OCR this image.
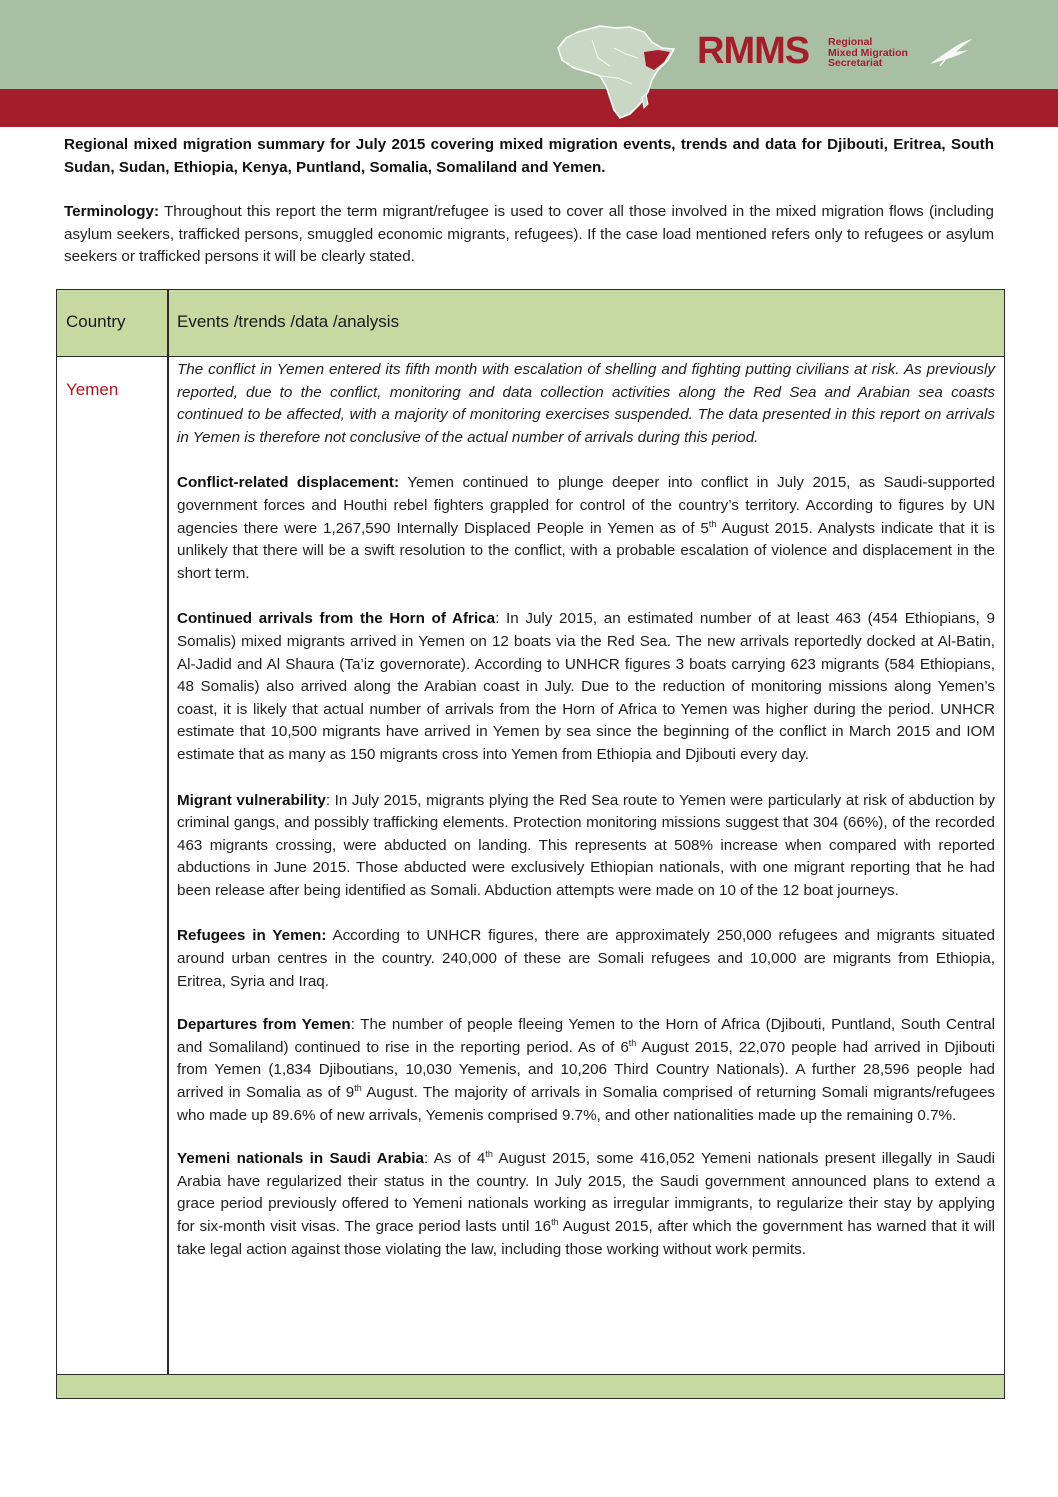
RMMS Regional
Mixed Migration
Secretariat
Regional mixed migration summary for July 2015 covering mixed migration events, trends and data for Djibouti, Eritrea, South Sudan, Sudan, Ethiopia, Kenya, Puntland, Somalia, Somaliland and Yemen.
Terminology: Throughout this report the term migrant/refugee is used to cover all those involved in the mixed migration flows (including asylum seekers, trafficked persons, smuggled economic migrants, refugees). If the case load mentioned refers only to refugees or asylum seekers or trafficked persons it will be clearly stated.
Country	Events /trends /data /analysis
Yemen

The conflict in Yemen entered its fifth month with escalation of shelling and fighting putting civilians at risk. As previously reported, due to the conflict, monitoring and data collection activities along the Red Sea and Arabian sea coasts continued to be affected, with a majority of monitoring exercises suspended. The data presented in this report on arrivals in Yemen is therefore not conclusive of the actual number of arrivals during this period.

Conflict-related displacement: Yemen continued to plunge deeper into conflict in July 2015, as Saudi-supported government forces and Houthi rebel fighters grappled for control of the country’s territory. According to figures by UN agencies there were 1,267,590 Internally Displaced People in Yemen as of 5th August 2015. Analysts indicate that it is unlikely that there will be a swift resolution to the conflict, with a probable escalation of violence and displacement in the short term.

Continued arrivals from the Horn of Africa: In July 2015, an estimated number of at least 463 (454 Ethiopians, 9 Somalis) mixed migrants arrived in Yemen on 12 boats via the Red Sea. The new arrivals reportedly docked at Al-Batin, Al-Jadid and Al Shaura (Ta’iz governorate). According to UNHCR figures 3 boats carrying 623 migrants (584 Ethiopians, 48 Somalis) also arrived along the Arabian coast in July. Due to the reduction of monitoring missions along Yemen’s coast, it is likely that actual number of arrivals from the Horn of Africa to Yemen was higher during the period. UNHCR estimate that 10,500 migrants have arrived in Yemen by sea since the beginning of the conflict in March 2015 and IOM estimate that as many as 150 migrants cross into Yemen from Ethiopia and Djibouti every day.

Migrant vulnerability: In July 2015, migrants plying the Red Sea route to Yemen were particularly at risk of abduction by criminal gangs, and possibly trafficking elements. Protection monitoring missions suggest that 304 (66%), of the recorded 463 migrants crossing, were abducted on landing. This represents at 508% increase when compared with reported abductions in June 2015. Those abducted were exclusively Ethiopian nationals, with one migrant reporting that he had been release after being identified as Somali. Abduction attempts were made on 10 of the 12 boat journeys.

Refugees in Yemen: According to UNHCR figures, there are approximately 250,000 refugees and migrants situated around urban centres in the country. 240,000 of these are Somali refugees and 10,000 are migrants from Ethiopia, Eritrea, Syria and Iraq.

Departures from Yemen: The number of people fleeing Yemen to the Horn of Africa (Djibouti, Puntland, South Central and Somaliland) continued to rise in the reporting period. As of 6th August 2015, 22,070 people had arrived in Djibouti from Yemen (1,834 Djiboutians, 10,030 Yemenis, and 10,206 Third Country Nationals). A further 28,596 people had arrived in Somalia as of 9th August. The majority of arrivals in Somalia comprised of returning Somali migrants/refugees who made up 89.6% of new arrivals, Yemenis comprised 9.7%, and other nationalities made up the remaining 0.7%.

Yemeni nationals in Saudi Arabia: As of 4th August 2015, some 416,052 Yemeni nationals present illegally in Saudi Arabia have regularized their status in the country. In July 2015, the Saudi government announced plans to extend a grace period previously offered to Yemeni nationals working as irregular immigrants, to regularize their stay by applying for six-month visit visas. The grace period lasts until 16th August 2015, after which the government has warned that it will take legal action against those violating the law, including those working without work permits.
